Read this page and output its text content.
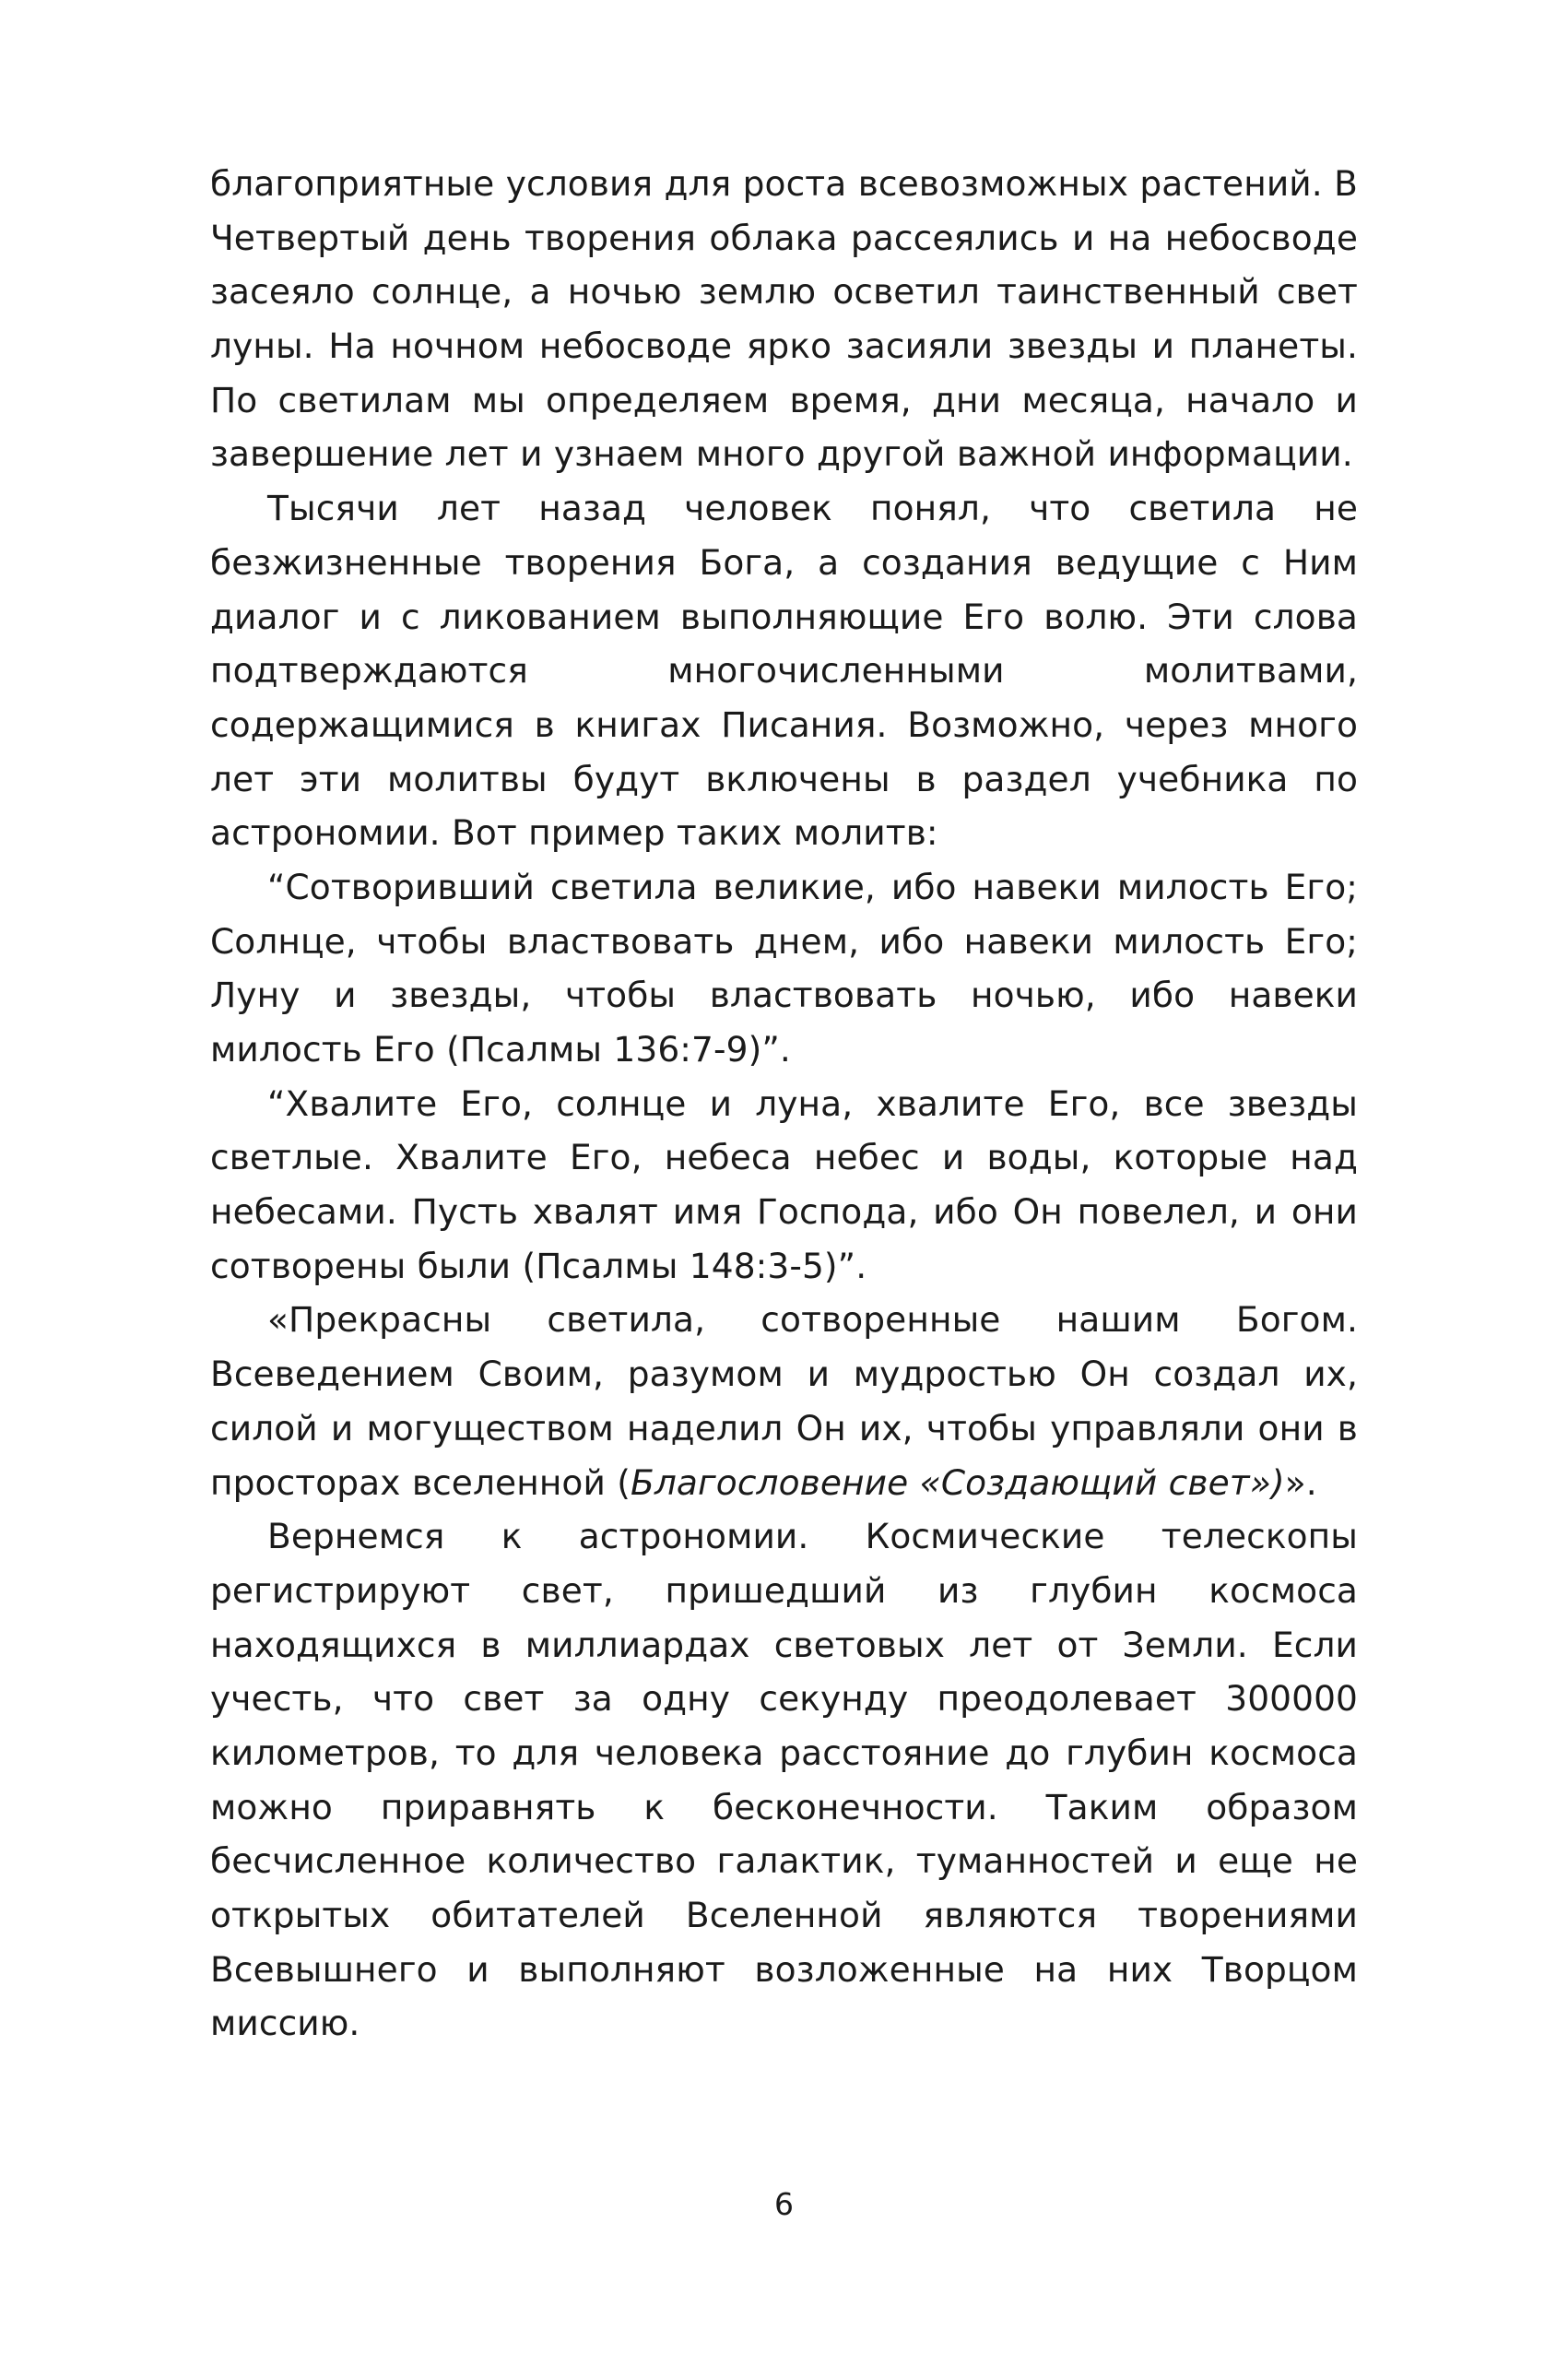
благоприятные условия для роста всевозможных растений. В Четвертый день творения облака рассеялись и на небосводе засеяло солнце, а ночью землю осветил таинственный свет луны. На ночном небосводе ярко засияли звезды и планеты. По светилам мы определяем время, дни месяца, начало и завершение лет и узнаем много другой важной информации.

Тысячи лет назад человек понял, что светила не безжизненные творения Бога, а создания ведущие с Ним диалог и с ликованием выполняющие Его волю. Эти слова подтверждаются многочисленными молитвами, содержащимися в книгах Писания. Возможно, через много лет эти молитвы будут включены в раздел учебника по астрономии. Вот пример таких молитв:

“Сотворивший светила великие, ибо навеки милость Его; Солнце, чтобы властвовать днем, ибо навеки милость Его; Луну и звезды, чтобы властвовать ночью, ибо навеки милость Его (Псалмы 136:7-9)”.

“Хвалите Его, солнце и луна, хвалите Его, все звезды светлые. Хвалите Его, небеса небес и воды, которые над небесами. Пусть хвалят имя Господа, ибо Он повелел, и они сотворены были (Псалмы 148:3-5)”.

«Прекрасны светила, сотворенные нашим Богом. Всеведением Своим, разумом и мудростью Он создал их, силой и могуществом наделил Он их, чтобы управляли они в просторах вселенной (Благословение «Создающий свет»)».

Вернемся к астрономии. Космические телескопы регистрируют свет, пришедший из глубин космоса находящихся в миллиардах световых лет от Земли. Если учесть, что свет за одну секунду преодолевает 300000 километров, то для человека расстояние до глубин космоса можно приравнять к бесконечности. Таким образом бесчисленное количество галактик, туманностей и еще не открытых обитателей Вселенной являются творениями Всевышнего и выполняют возложенные на них Творцом миссию.

6
